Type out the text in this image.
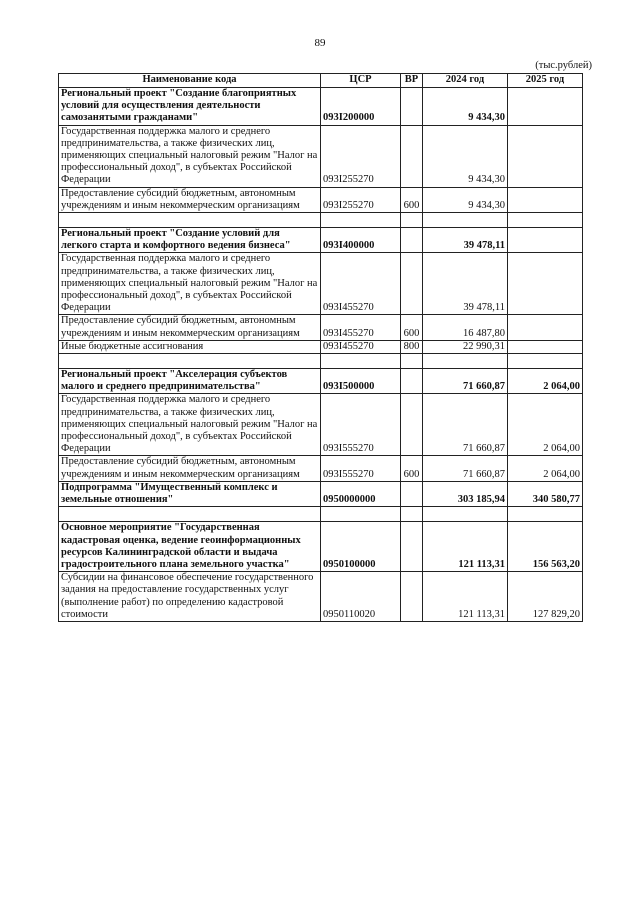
89
(тыс.рублей)
Наименование кода	ЦСР	ВР	2024 год	2025 год
Региональный проект "Создание благоприятных условий для осуществления деятельности самозанятыми гражданами"	093I200000		9 434,30	
Государственная поддержка малого и среднего предпринимательства, а также физических лиц, применяющих специальный налоговый режим "Налог на профессиональный доход", в субъектах Российской Федерации	093I255270		9 434,30	
Предоставление субсидий бюджетным, автономным учреждениям и иным некоммерческим организациям	093I255270	600	9 434,30	

Региональный проект "Создание условий для легкого старта и комфортного ведения бизнеса"	093I400000		39 478,11	
Государственная поддержка малого и среднего предпринимательства, а также физических лиц, применяющих специальный налоговый режим "Налог на профессиональный доход", в субъектах Российской Федерации	093I455270		39 478,11	
Предоставление субсидий бюджетным, автономным учреждениям и иным некоммерческим организациям	093I455270	600	16 487,80	
Иные бюджетные ассигнования	093I455270	800	22 990,31	

Региональный проект "Акселерация субъектов малого и среднего предпринимательства"	093I500000		71 660,87	2 064,00
Государственная поддержка малого и среднего предпринимательства, а также физических лиц, применяющих специальный налоговый режим "Налог на профессиональный доход", в субъектах Российской Федерации	093I555270		71 660,87	2 064,00
Предоставление субсидий бюджетным, автономным учреждениям и иным некоммерческим организациям	093I555270	600	71 660,87	2 064,00
Подпрограмма "Имущественный комплекс и земельные отношения"	0950000000		303 185,94	340 580,77

Основное мероприятие "Государственная кадастровая оценка, ведение геоинформационных ресурсов Калининградской области и выдача градостроительного плана земельного участка"	0950100000		121 113,31	156 563,20
Субсидии на финансовое обеспечение государственного задания на предоставление государственных услуг (выполнение работ) по определению кадастровой стоимости	0950110020		121 113,31	127 829,20
